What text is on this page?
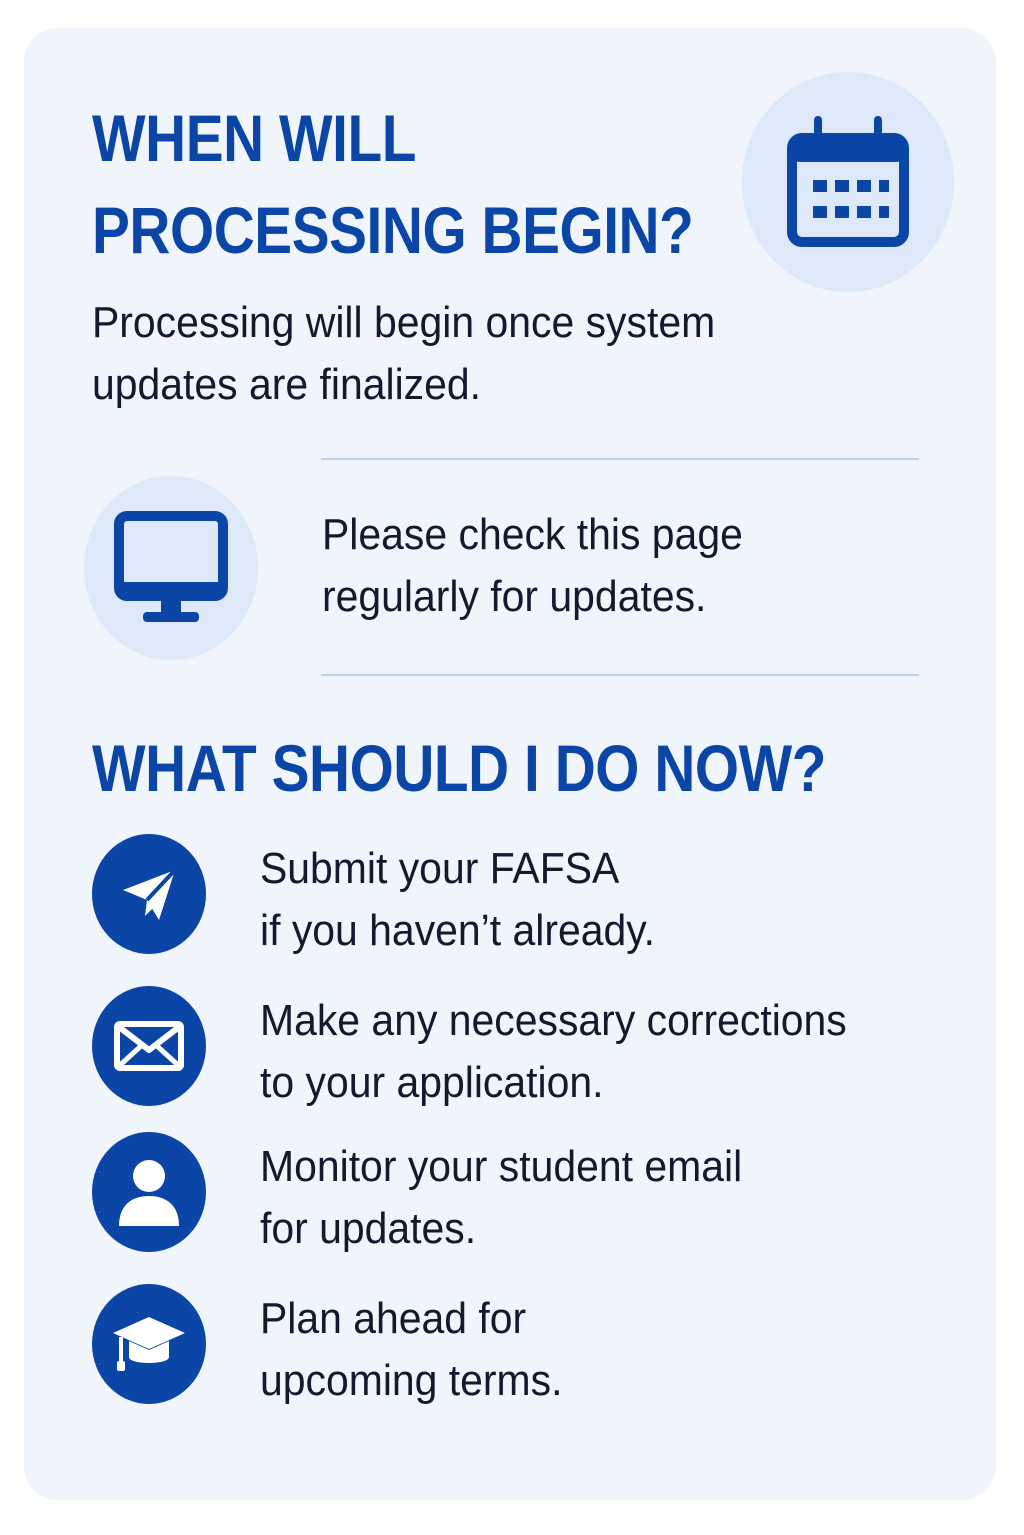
WHEN WILL
PROCESSING BEGIN?

Processing will begin once system
updates are finalized.

Please check this page
regularly for updates.

WHAT SHOULD I DO NOW?

Submit your FAFSA
if you haven’t already.

Make any necessary corrections
to your application.

Monitor your student email
for updates.

Plan ahead for
upcoming terms.
